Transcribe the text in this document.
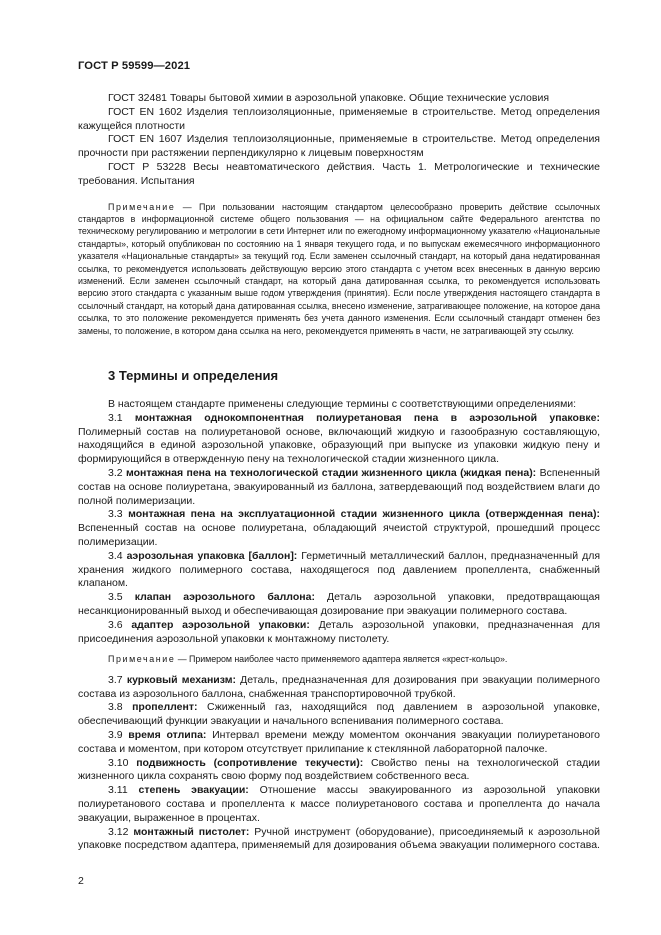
ГОСТ Р 59599—2021

ГОСТ 32481 Товары бытовой химии в аэрозольной упаковке. Общие технические условия

ГОСТ EN 1602 Изделия теплоизоляционные, применяемые в строительстве. Метод определения кажущейся плотности

ГОСТ EN 1607 Изделия теплоизоляционные, применяемые в строительстве. Метод определения прочности при растяжении перпендикулярно к лицевым поверхностям

ГОСТ Р 53228 Весы неавтоматического действия. Часть 1. Метрологические и технические требования. Испытания

Примечание — При пользовании настоящим стандартом целесообразно проверить действие ссылочных стандартов в информационной системе общего пользования — на официальном сайте Федерального агентства по техническому регулированию и метрологии в сети Интернет или по ежегодному информационному указателю «Национальные стандарты», который опубликован по состоянию на 1 января текущего года, и по выпускам ежемесячного информационного указателя «Национальные стандарты» за текущий год. Если заменен ссылочный стандарт, на который дана недатированная ссылка, то рекомендуется использовать действующую версию этого стандарта с учетом всех внесенных в данную версию изменений. Если заменен ссылочный стандарт, на который дана датированная ссылка, то рекомендуется использовать версию этого стандарта с указанным выше годом утверждения (принятия). Если после утверждения настоящего стандарта в ссылочный стандарт, на который дана датированная ссылка, внесено изменение, затрагивающее положение, на которое дана ссылка, то это положение рекомендуется применять без учета данного изменения. Если ссылочный стандарт отменен без замены, то положение, в котором дана ссылка на него, рекомендуется применять в части, не затрагивающей эту ссылку.

3 Термины и определения

В настоящем стандарте применены следующие термины с соответствующими определениями:

3.1 монтажная однокомпонентная полиуретановая пена в аэрозольной упаковке: Полимерный состав на полиуретановой основе, включающий жидкую и газообразную составляющую, находящийся в единой аэрозольной упаковке, образующий при выпуске из упаковки жидкую пену и формирующийся в отвержденную пену на технологической стадии жизненного цикла.

3.2 монтажная пена на технологической стадии жизненного цикла (жидкая пена): Вспененный состав на основе полиуретана, эвакуированный из баллона, затвердевающий под воздействием влаги до полной полимеризации.

3.3 монтажная пена на эксплуатационной стадии жизненного цикла (отвержденная пена): Вспененный состав на основе полиуретана, обладающий ячеистой структурой, прошедший процесс полимеризации.

3.4 аэрозольная упаковка [баллон]: Герметичный металлический баллон, предназначенный для хранения жидкого полимерного состава, находящегося под давлением пропеллента, снабженный клапаном.

3.5 клапан аэрозольного баллона: Деталь аэрозольной упаковки, предотвращающая несанкционированный выход и обеспечивающая дозирование при эвакуации полимерного состава.

3.6 адаптер аэрозольной упаковки: Деталь аэрозольной упаковки, предназначенная для присоединения аэрозольной упаковки к монтажному пистолету.

Примечание — Примером наиболее часто применяемого адаптера является «крест-кольцо».

3.7 курковый механизм: Деталь, предназначенная для дозирования при эвакуации полимерного состава из аэрозольного баллона, снабженная транспортировочной трубкой.

3.8 пропеллент: Сжиженный газ, находящийся под давлением в аэрозольной упаковке, обеспечивающий функции эвакуации и начального вспенивания полимерного состава.

3.9 время отлипа: Интервал времени между моментом окончания эвакуации полиуретанового состава и моментом, при котором отсутствует прилипание к стеклянной лабораторной палочке.

3.10 подвижность (сопротивление текучести): Свойство пены на технологической стадии жизненного цикла сохранять свою форму под воздействием собственного веса.

3.11 степень эвакуации: Отношение массы эвакуированного из аэрозольной упаковки полиуретанового состава и пропеллента к массе полиуретанового состава и пропеллента до начала эвакуации, выраженное в процентах.

3.12 монтажный пистолет: Ручной инструмент (оборудование), присоединяемый к аэрозольной упаковке посредством адаптера, применяемый для дозирования объема эвакуации полимерного состава.

2
